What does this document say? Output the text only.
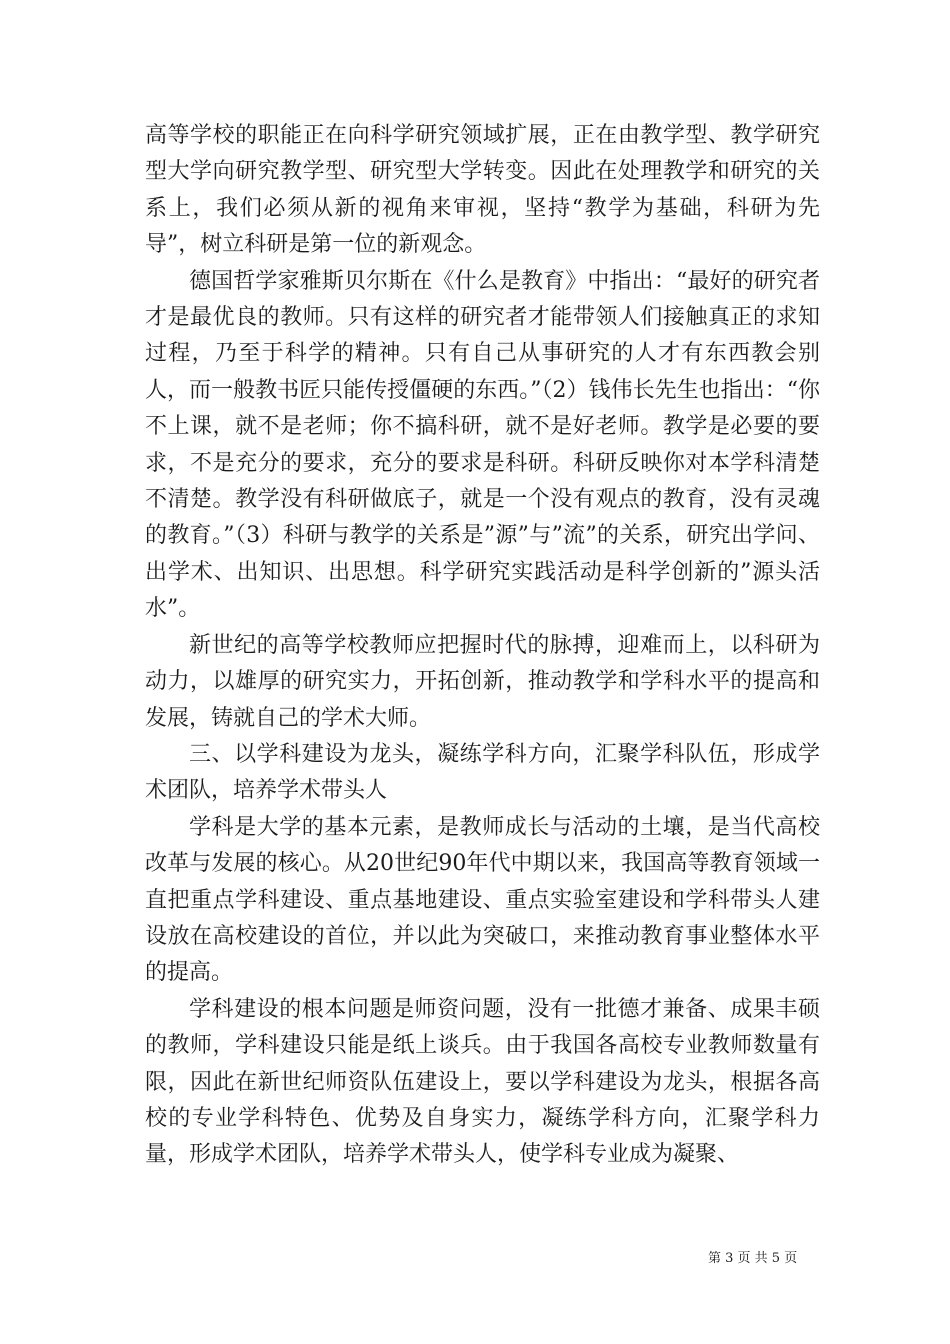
高等学校的职能正在向科学研究领域扩展，正在由教学型、教学研究型大学向研究教学型、研究型大学转变。因此在处理教学和研究的关系上，我们必须从新的视角来审视，坚持“教学为基础，科研为先导”，树立科研是第一位的新观念。

德国哲学家雅斯贝尔斯在《什么是教育》中指出：“最好的研究者才是最优良的教师。只有这样的研究者才能带领人们接触真正的求知过程，乃至于科学的精神。只有自己从事研究的人才有东西教会别人，而一般教书匠只能传授僵硬的东西。”（2）钱伟长先生也指出：“你不上课，就不是老师；你不搞科研，就不是好老师。教学是必要的要求，不是充分的要求，充分的要求是科研。科研反映你对本学科清楚不清楚。教学没有科研做底子，就是一个没有观点的教育，没有灵魂的教育。”（3）科研与教学的关系是”源”与”流”的关系，研究出学问、出学术、出知识、出思想。科学研究实践活动是科学创新的”源头活水”。

新世纪的高等学校教师应把握时代的脉搏，迎难而上，以科研为动力，以雄厚的研究实力，开拓创新，推动教学和学科水平的提高和发展，铸就自己的学术大师。

三、以学科建设为龙头，凝练学科方向，汇聚学科队伍，形成学术团队，培养学术带头人

学科是大学的基本元素，是教师成长与活动的土壤，是当代高校改革与发展的核心。从20世纪90年代中期以来，我国高等教育领域一直把重点学科建设、重点基地建设、重点实验室建设和学科带头人建设放在高校建设的首位，并以此为突破口，来推动教育事业整体水平的提高。

学科建设的根本问题是师资问题，没有一批德才兼备、成果丰硕的教师，学科建设只能是纸上谈兵。由于我国各高校专业教师数量有限，因此在新世纪师资队伍建设上，要以学科建设为龙头，根据各高校的专业学科特色、优势及自身实力，凝练学科方向，汇聚学科力量，形成学术团队，培养学术带头人，使学科专业成为凝聚、

第 3 页 共 5 页
